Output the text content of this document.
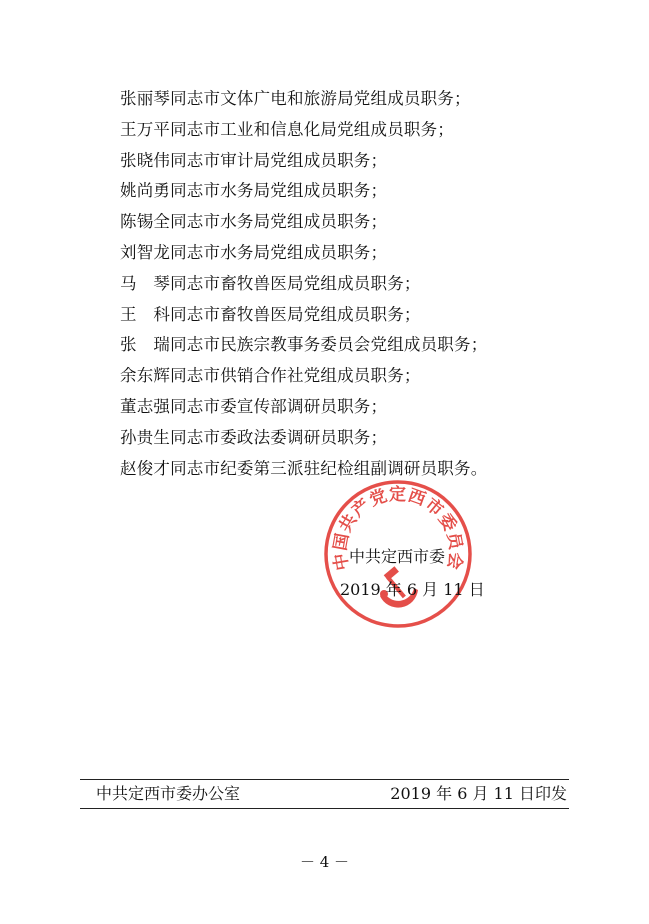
张丽琴同志市文体广电和旅游局党组成员职务；
王万平同志市工业和信息化局党组成员职务；
张晓伟同志市审计局党组成员职务；
姚尚勇同志市水务局党组成员职务；
陈锡全同志市水务局党组成员职务；
刘智龙同志市水务局党组成员职务；
马　琴同志市畜牧兽医局党组成员职务；
王　科同志市畜牧兽医局党组成员职务；
张　瑞同志市民族宗教事务委员会党组成员职务；
余东辉同志市供销合作社党组成员职务；
董志强同志市委宣传部调研员职务；
孙贵生同志市委政法委调研员职务；
赵俊才同志市纪委第三派驻纪检组副调研员职务。
中国共产党定西市委员会
中共定西市委
2019 年 6 月 11 日
中共定西市委办公室	2019 年 6 月 11 日印发
－ 4 －
